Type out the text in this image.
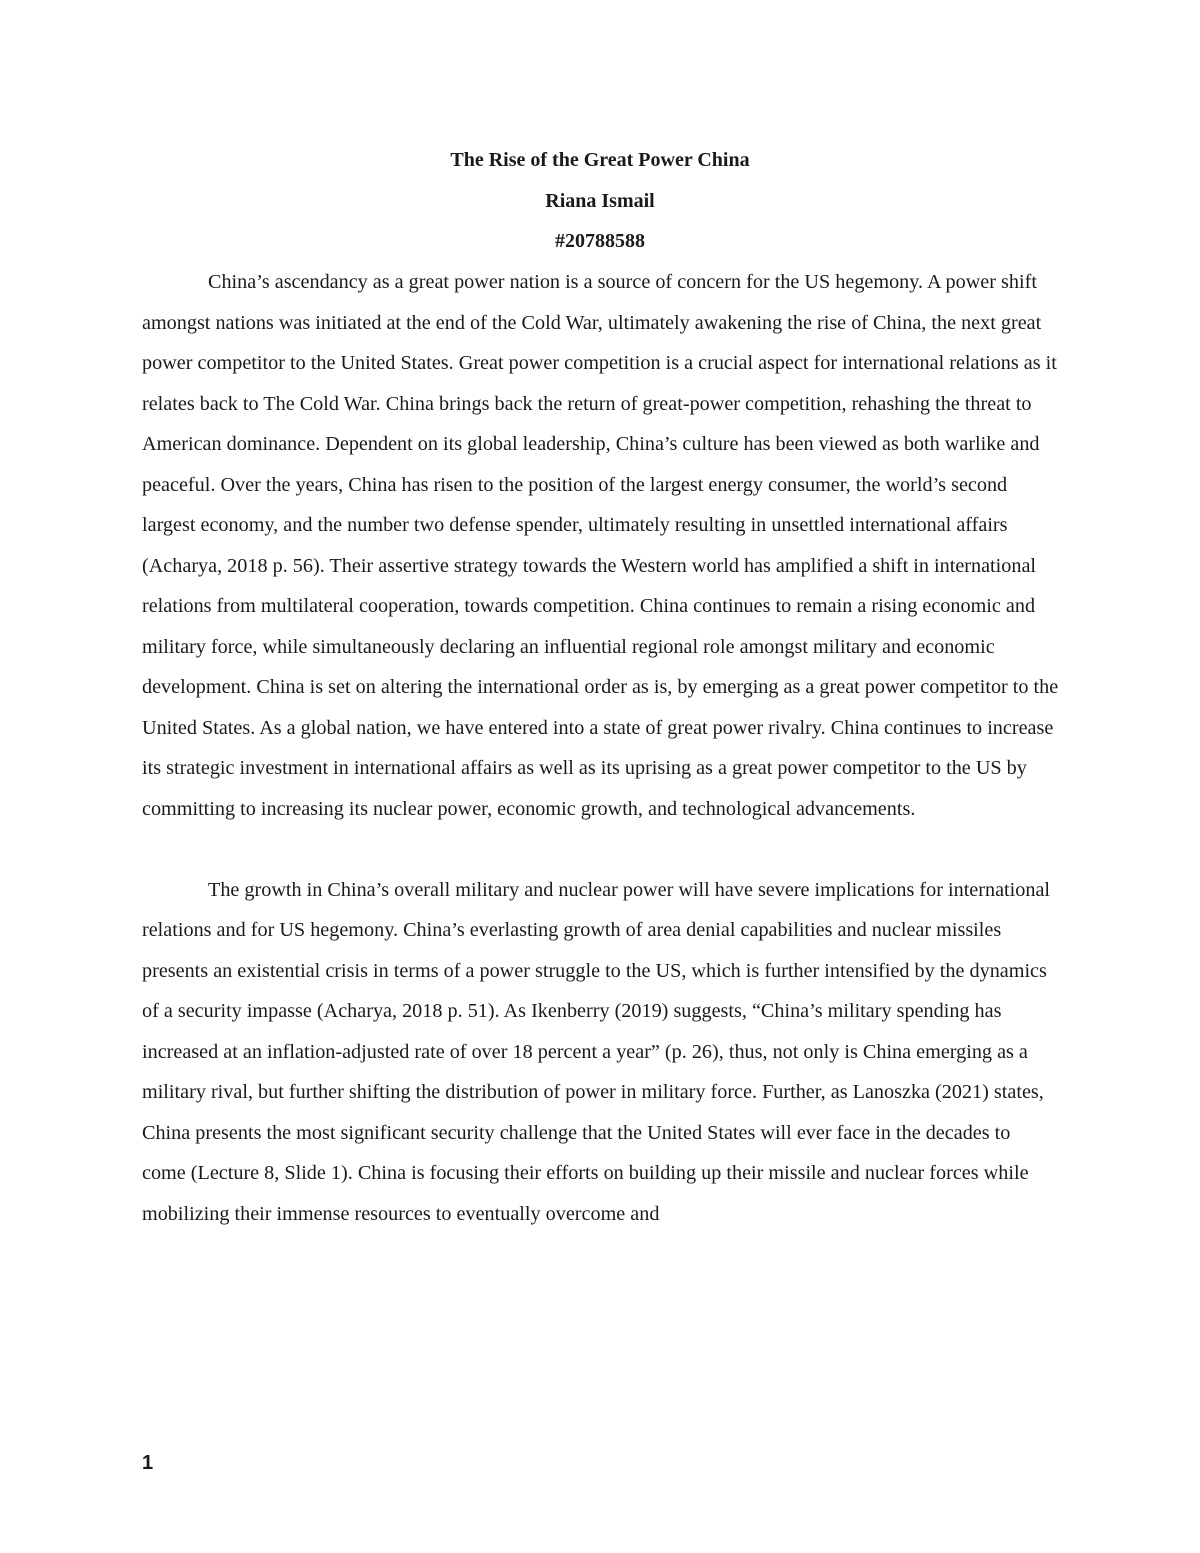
The Rise of the Great Power China
Riana Ismail
#20788588

China’s ascendancy as a great power nation is a source of concern for the US hegemony. A power shift amongst nations was initiated at the end of the Cold War, ultimately awakening the rise of China, the next great power competitor to the United States. Great power competition is a crucial aspect for international relations as it relates back to The Cold War. China brings back the return of great-power competition, rehashing the threat to American dominance. Dependent on its global leadership, China’s culture has been viewed as both warlike and peaceful. Over the years, China has risen to the position of the largest energy consumer, the world’s second largest economy, and the number two defense spender, ultimately resulting in unsettled international affairs (Acharya, 2018 p. 56). Their assertive strategy towards the Western world has amplified a shift in international relations from multilateral cooperation, towards competition. China continues to remain a rising economic and military force, while simultaneously declaring an influential regional role amongst military and economic development. China is set on altering the international order as is, by emerging as a great power competitor to the United States. As a global nation, we have entered into a state of great power rivalry. China continues to increase its strategic investment in international affairs as well as its uprising as a great power competitor to the US by committing to increasing its nuclear power, economic growth, and technological advancements.

The growth in China’s overall military and nuclear power will have severe implications for international relations and for US hegemony. China’s everlasting growth of area denial capabilities and nuclear missiles presents an existential crisis in terms of a power struggle to the US, which is further intensified by the dynamics of a security impasse (Acharya, 2018 p. 51). As Ikenberry (2019) suggests, “China’s military spending has increased at an inflation-adjusted rate of over 18 percent a year” (p. 26), thus, not only is China emerging as a military rival, but further shifting the distribution of power in military force. Further, as Lanoszka (2021) states, China presents the most significant security challenge that the United States will ever face in the decades to come (Lecture 8, Slide 1). China is focusing their efforts on building up their missile and nuclear forces while mobilizing their immense resources to eventually overcome and

1
